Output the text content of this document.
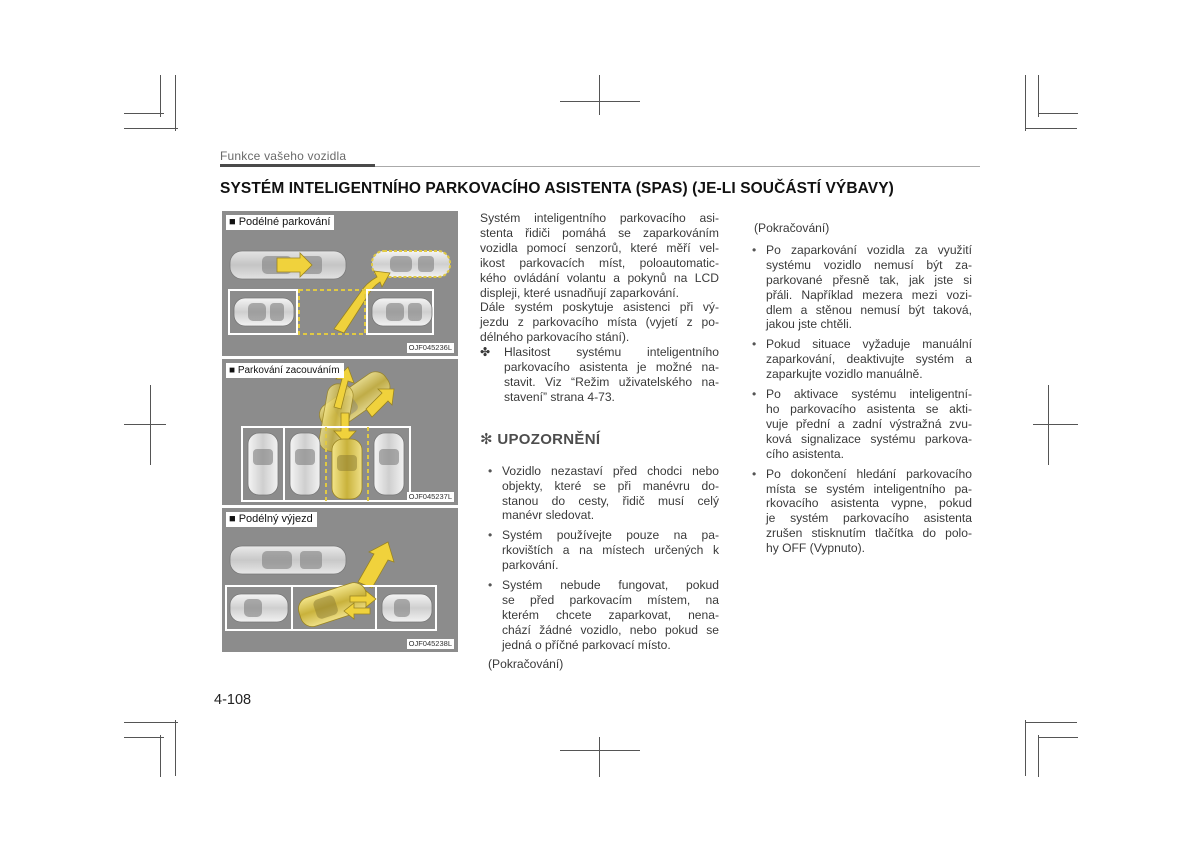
Funkce vašeho vozidla
SYSTÉM INTELIGENTNÍHO PARKOVACÍHO ASISTENTA (SPAS) (JE-LI SOUČÁSTÍ VÝBAVY)
■ Podélné parkování
OJF045236L
■ Parkování zacouváním
OJF045237L
■ Podélný výjezd
OJF045238L

Systém inteligentního parkovacího asi-

stenta řidiči pomáhá se zaparkováním

vozidla pomocí senzorů, které měří vel-

ikost parkovacích míst, poloautomatic-

kého ovládání volantu a pokynů na LCD

displeji, které usnadňují zaparkování.

Dále systém poskytuje asistenci při vý-

jezdu z parkovacího místa (vyjetí z po-

délného parkovacího stání).

✤	Hlasitost systému inteligentního

parkovacího asistenta je možné na-

stavit. Viz “Režim uživatelského na-

stavení” strana 4-73.

✻ UPOZORNĚNÍ
• Vozidlo nezastaví před chodci nebo

objekty, které se při manévru do-

stanou do cesty, řidič musí celý

manévr sledovat.

• Systém používejte pouze na pa-

rkovištích a na místech určených k

parkování.

• Systém nebude fungovat, pokud

se před parkovacím místem, na

kterém chcete zaparkovat, nena-

chází žádné vozidlo, nebo pokud se

jedná o příčné parkovací místo.

(Pokračování)

(Pokračování)

• Po zaparkování vozidla za využití

systému vozidlo nemusí být za-

parkované přesně tak, jak jste si

přáli. Například mezera mezi vozi-

dlem a stěnou nemusí být taková,

jakou jste chtěli.

• Pokud situace vyžaduje manuální

zaparkování, deaktivujte systém a

zaparkujte vozidlo manuálně.

• Po aktivace systému inteligentní-

ho parkovacího asistenta se akti-

vuje přední a zadní výstražná zvu-

ková signalizace systému parkova-

cího asistenta.

• Po dokončení hledání parkovacího

místa se systém inteligentního pa-

rkovacího asistenta vypne, pokud

je systém parkovacího asistenta

zrušen stisknutím tlačítka do polo-

hy OFF (Vypnuto).

4-108
